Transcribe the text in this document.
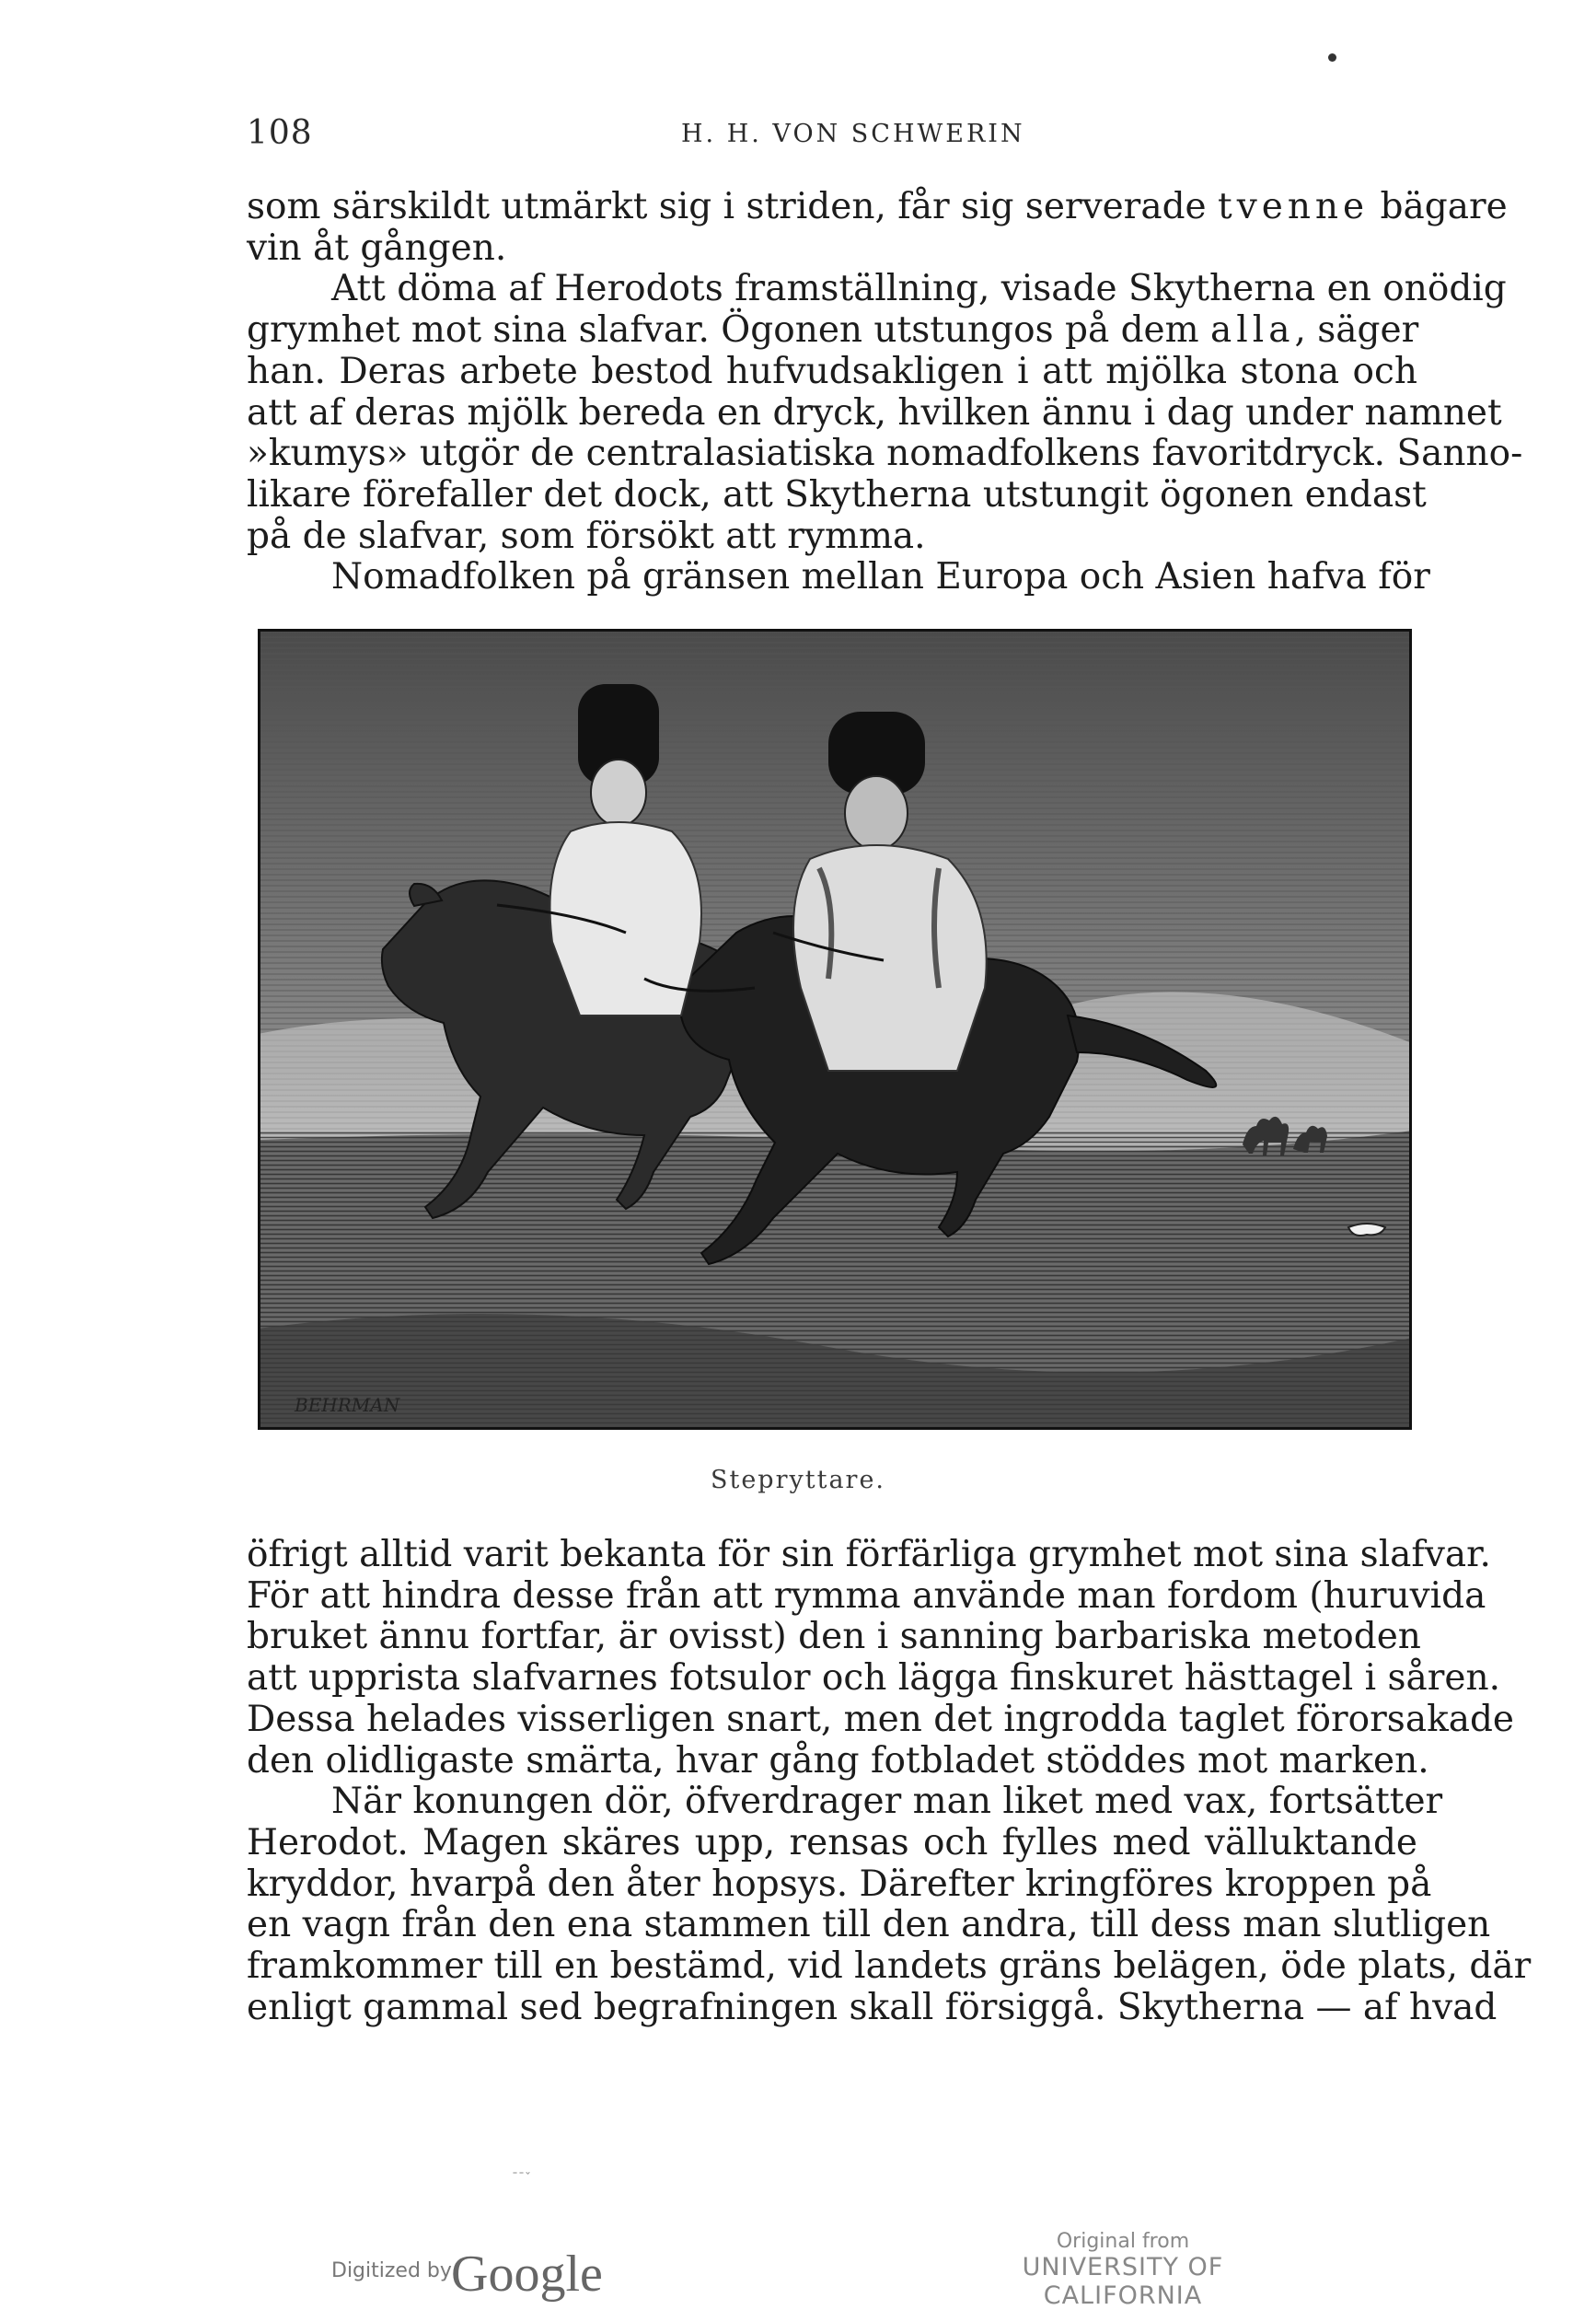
108	H. H. VON SCHWERIN

som särskildt utmärkt sig i striden, får sig serverade tvenne bägare
vin åt gången.

Att döma af Herodots framställning, visade Skytherna en onödig
grymhet mot sina slafvar. Ögonen utstungos på dem alla, säger
han. Deras arbete bestod hufvudsakligen i att mjölka stona och
att af deras mjölk bereda en dryck, hvilken ännu i dag under namnet
»kumys» utgör de centralasiatiska nomadfolkens favoritdryck. Sanno-
likare förefaller det dock, att Skytherna utstungit ögonen endast
på de slafvar, som försökt att rymma.

Nomadfolken på gränsen mellan Europa och Asien hafva för

BEHRMAN
Stepryttare.

öfrigt alltid varit bekanta för sin förfärliga grymhet mot sina slafvar.
För att hindra desse från att rymma använde man fordom (huruvida
bruket ännu fortfar, är ovisst) den i sanning barbariska metoden
att upprista slafvarnes fotsulor och lägga finskuret hästtagel i såren.
Dessa helades visserligen snart, men det ingrodda taglet förorsakade
den olidligaste smärta, hvar gång fotbladet stöddes mot marken.

När konungen dör, öfverdrager man liket med vax, fortsätter
Herodot. Magen skäres upp, rensas och fylles med välluktande
kryddor, hvarpå den åter hopsys. Därefter kringföres kroppen på
en vagn från den ena stammen till den andra, till dess man slutligen
framkommer till en bestämd, vid landets gräns belägen, öde plats, där
enligt gammal sed begrafningen skall försiggå. Skytherna — af hvad

¯¯ˇ
Digitized by Google
Original from
UNIVERSITY OF CALIFORNIA
